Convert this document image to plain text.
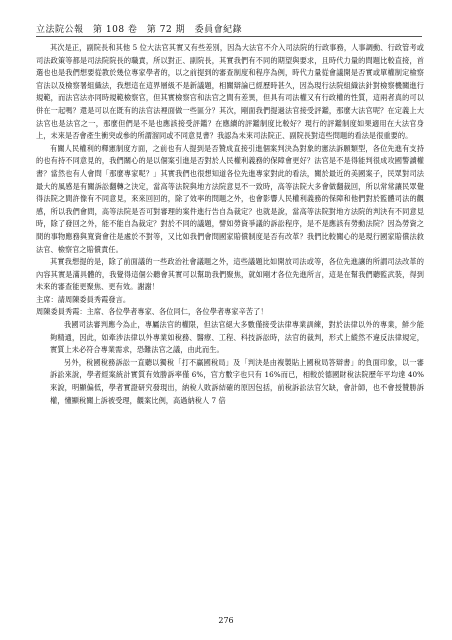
立法院公報　第 108 卷　第 72 期　委員會紀錄

其次是正，副院長和其他 5 位大法官其實又有些差別，因為大法官不介入司法院的行政事務，人事調動、行政管考或司法政策等都是司法院院長的職責，所以對正、副院長，其實我們有不同的期望與要求，且時代力量的問題比較直接，首選也也是我們想要從教於幾位專家學者的，以之前提到的審查制度和程序為例，時代力量從會議開是否實或單權制定檢察官法以及檢察署組織法，我想這在這界層級不是新議題，相關辯論已經歷時甚久，因為現行法院組織法針對檢察機關進行規範，而法官法亦同時規範檢察官，但其實檢察官和法官之間有差異，但具有司法權又有行政權的性質，這兩者真的可以併在一起嗎？還是可以在既有的法官法裡面做一些區分？其次，剛面我們提過法官接受評鑑，那麼大法官呢？在定義上大法官也是法官之一，那麼但們是不是也應該接受評鑑？在應續的評鑑制度比較好？現行的評鑑制度如果適用在大法官身上，未來是否會產生衝突或參的所謂溜同或不同意見書？我認為未來司法院正、副院長對這些問題的看法是很重要的。

有關人民權利的釋憲制度方面，之前也有人提到是否贊成直接引進個案判決為對象的憲法訴願類型，各位先進有支持的也有持不同意見的，我們關心的是以個案引進是否對於人民權利義務的保障會更好？法官是不是得能判很成攻國警讀權書？當然也有人會問「那麼專家呢？」其實我們也很想知道各位先進專家對此的看法，關於最近的美國案子，民眾對司法最大的風感是有關訴訟翻轉之決定，當高等法院與地方法院意見不一致時，高等法院大多會做翻裁回，所以常常讓民眾覺得法院之間許像有不同意見，來來回回的，除了效率的問題之外，也會影響人民權利義務的保障和他們對於監體司法的觀感，所以我們會問，高等法院是否可對審理的案件進行告自為裁定？也就是說，當高等法院對地方法院的判決有不同意見時，除了發回之外，能不能自為裁定？對於不同的議題，譬如勞資爭議的訴訟程序，是不是應該有勞動法院？因為勞資之間的事物應務與寬資會往是處於不對等，又比如我們會問國家賠償制度是否有改革？我們比較關心的是現行國家賠償法救法官、檢察官之賠償責任。

其實我想提的是，除了前面議的一些政治社會議題之外，這些議題比如開放司法或等，各位先進讓的所謂司法改革的內容其實是滿具體的，我覺得這個公聽會其實可以幫助我們聚焦，就如剛才各位先進所言，這是在幫我們聽監武裝，得到未來的審查能更聚焦、更有效。謝謝！

主席：請周陳委員秀霞發言。

周陳委員秀霞：主席、各位學者專家、各位同仁，各位學者專家辛苦了！

我國司法審判應今為止，專屬法官的權限，但法官絕大多數僅接受法律專業訓練，對於法律以外的專業，鮮少能夠精通，因此，如牽涉法律以外專業如稅務、醫療、工程、科技訴訟時，法官的裁判，形式上縱然不違反法律規定，實質上未必符合專業需求，恐難法官之議，由此而生。

另外，稅國稅務訴訟一直聽以獨稅「打不贏國稅局」及「判決是由複製貼上國稅局答辯書」的負面印象，以一審訴訟來說，學者經案統計實質有效勝訴率僅 6%，官方數字也只有 16%而已，相較於德國財稅法院歷年平均達 40%來說，明顯偏低，學者實證研究發現出，納稅人敗訴結確的原因包括，前稅訴訟法官欠缺，會計師，也不會授贊勝訴權，懂顯稅關上訴被受理，觀案比例，高過納稅人 7 倍

276
